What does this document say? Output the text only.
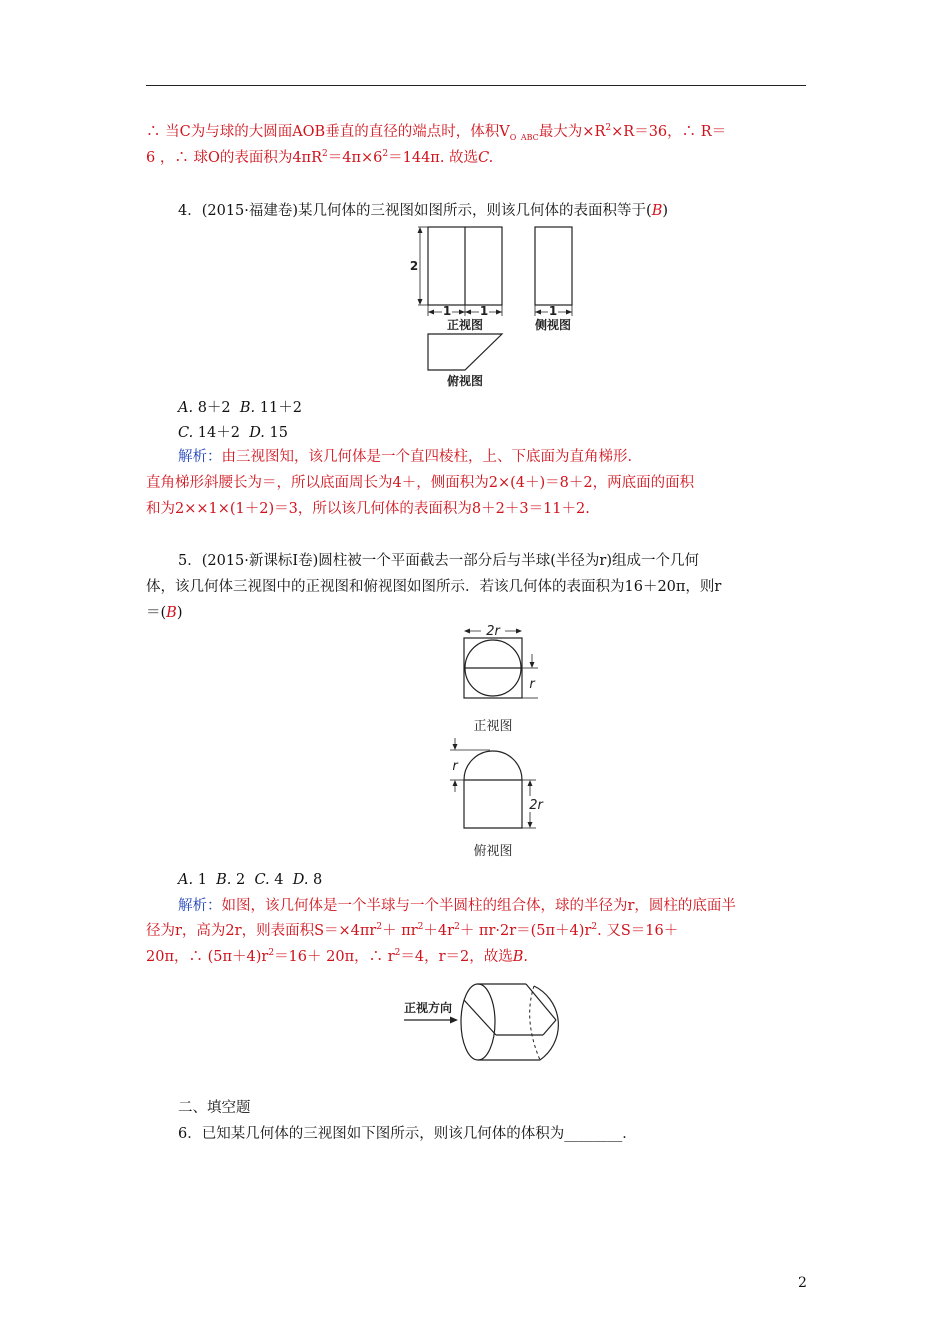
∴ 当C为与球的大圆面AOB垂直的直径的端点时，体积$V_O$ $_{ABC}$最大为$\times R^2\times R=36$，∴ R＝
6 ，∴ 球O的表面积为$4\pi R^2=4\pi\times 6^2=144\pi$. 故选C.
4．(2015·福建卷)某几何体的三视图如图所示，则该几何体的表面积等于(B)
2
1 1
正视图
1
侧视图
俯视图
A. 8＋2 B. 11＋2
C. 14＋2 D. 15
解析：由三视图知，该几何体是一个直四棱柱，上、下底面为直角梯形．
直角梯形斜腰长为＝，所以底面周长为4＋，侧面积为2×(4＋)＝8＋2，两底面的面积
和为2××1×(1＋2)＝3，所以该几何体的表面积为8＋2＋3＝11＋2.
5．(2015·新课标Ⅰ卷)圆柱被一个平面截去一部分后与半球(半径为r)组成一个几何
体，该几何体三视图中的正视图和俯视图如图所示．若该几何体的表面积为16＋20π，则r
＝(B)
2r
r
正视图
r
2r
俯视图
A. 1 B. 2 C. 4 D. 8
解析：如图，该几何体是一个半球与一个半圆柱的组合体，球的半径为r，圆柱的底面半
径为r，高为2r，则表面积$S=\times 4\pi r^2+ \pi r^2+4r^2+ \pi r\cdot 2r=(5\pi+4)r^2$. 又S＝16＋
20π，∴ $(5\pi+4)r^2=16+ 20\pi$，∴ $r^2=4$，r＝2，故选B.
正视方向
二、填空题
6．已知某几何体的三视图如下图所示，则该几何体的体积为________．
2
